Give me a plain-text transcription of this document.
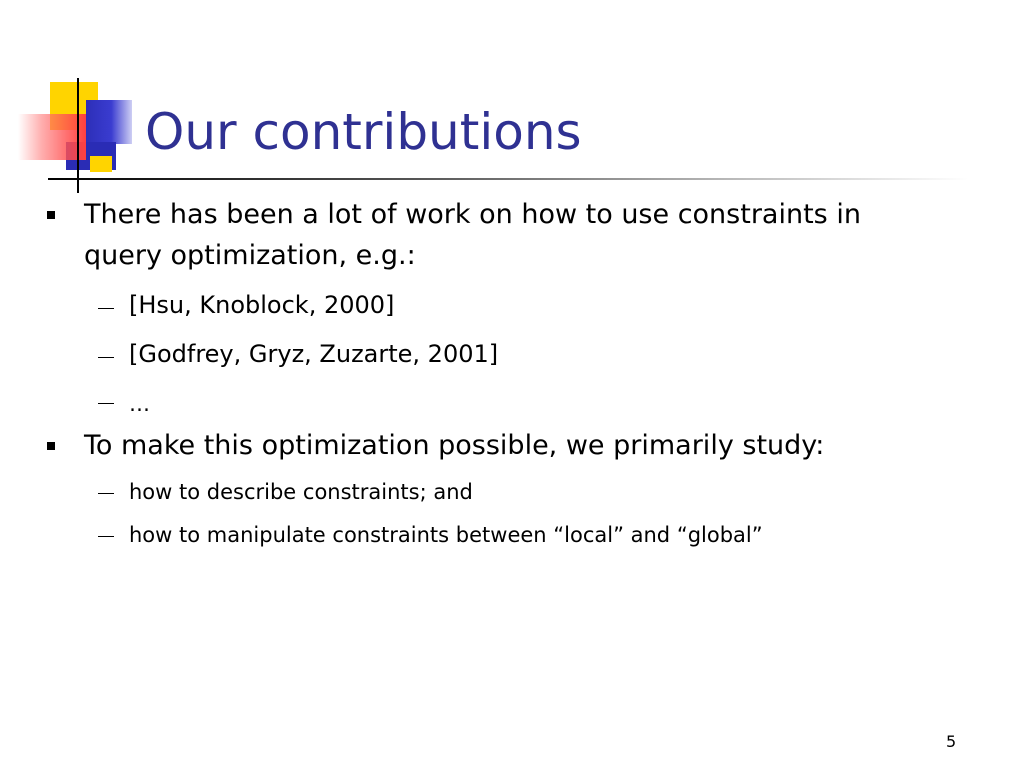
Our contributions
There has been a lot of work on how to use constraints in
query optimization, e.g.:
[Hsu, Knoblock, 2000]
[Godfrey, Gryz, Zuzarte, 2001]
…
To make this optimization possible, we primarily study:
how to describe constraints; and
how to manipulate constraints between “local” and “global”
5
